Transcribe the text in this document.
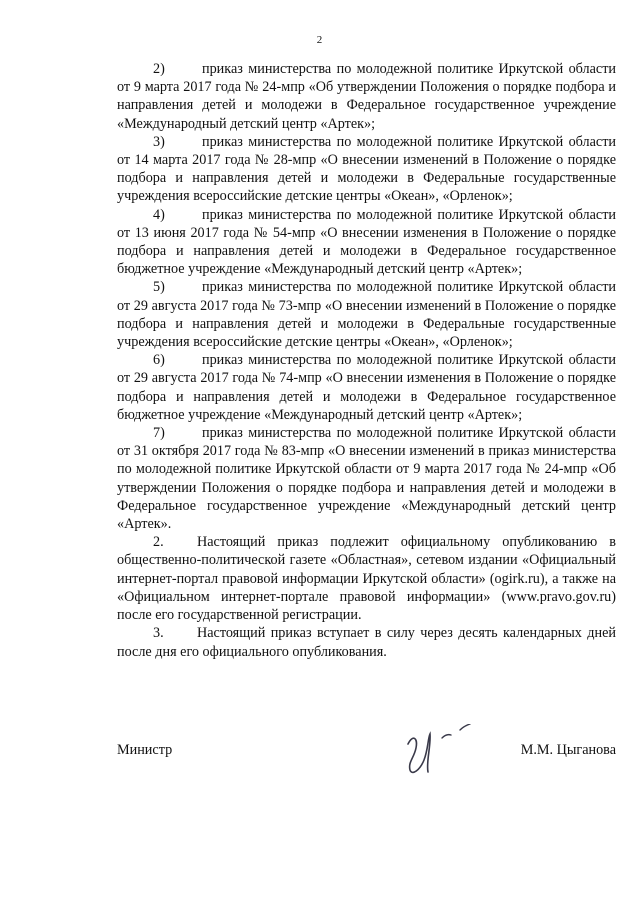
2

2)	приказ министерства по молодежной политике Иркутской области от 9 марта 2017 года № 24-мпр «Об утверждении Положения о порядке подбора и направления детей и молодежи в Федеральное государственное учреждение «Международный детский центр «Артек»;

3)	приказ министерства по молодежной политике Иркутской области от 14 марта 2017 года № 28-мпр «О внесении изменений в Положение о порядке подбора и направления детей и молодежи в Федеральные государственные учреждения всероссийские детские центры «Океан», «Орленок»;

4)	приказ министерства по молодежной политике Иркутской области от 13 июня 2017 года № 54-мпр «О внесении изменения в Положение о порядке подбора и направления детей и молодежи в Федеральное государственное бюджетное учреждение «Международный детский центр «Артек»;

5)	приказ министерства по молодежной политике Иркутской области от 29 августа 2017 года № 73-мпр «О внесении изменений в Положение о порядке подбора и направления детей и молодежи в Федеральные государственные учреждения всероссийские детские центры «Океан», «Орленок»;

6)	приказ министерства по молодежной политике Иркутской области от 29 августа 2017 года № 74-мпр «О внесении изменения в Положение о порядке подбора и направления детей и молодежи в Федеральное государственное бюджетное учреждение «Международный детский центр «Артек»;

7)	приказ министерства по молодежной политике Иркутской области от 31 октября 2017 года № 83-мпр «О внесении изменений в приказ министерства по молодежной политике Иркутской области от 9 марта 2017 года № 24-мпр «Об утверждении Положения о порядке подбора и направления детей и молодежи в Федеральное государственное учреждение «Международный детский центр «Артек».

2. Настоящий приказ подлежит официальному опубликованию в общественно-политической газете «Областная», сетевом издании «Официальный интернет-портал правовой информации Иркутской области» (ogirk.ru), а также на «Официальном интернет-портале правовой информации» (www.pravo.gov.ru) после его государственной регистрации.

3. Настоящий приказ вступает в силу через десять календарных дней после дня его официального опубликования.

Министр	М.М. Цыганова
